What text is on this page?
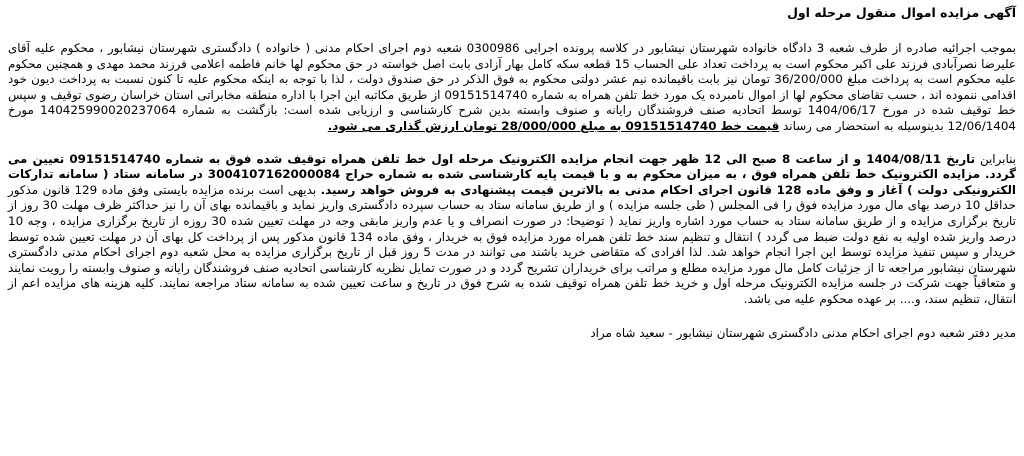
آگهی مزایده اموال منقول مرحله اول

بموجب اجرائیه صادره از طرف شعبه 3 دادگاه خانواده شهرستان نیشابور در کلاسه پرونده اجرایی 0300986 شعبه دوم اجرای احکام مدنی ( خانواده ) دادگستری شهرستان نیشابور ، محکوم علیه آقای علیرضا نصرآبادی فرزند علی اکبر محکوم است به پرداخت تعداد علی الحساب 15 قطعه سکه کامل بهار آزادی بابت اصل خواسته در حق محکوم لها خانم فاطمه اعلامی فرزند محمد مهدی و همچنین محکوم علیه محکوم است به پرداخت مبلغ 36/200/000 تومان نیز بابت باقیمانده نیم عشر دولتی محکوم به فوق الذکر در حق صندوق دولت ، لذا با توجه به اینکه محکوم علیه تا کنون نسبت به پرداخت دیون خود اقدامی ننموده اند ، حسب تقاضای محکوم لها از اموال نامبرده یک مورد خط تلفن همراه به شماره 09151514740 از طریق مکاتبه این اجرا با اداره منطقه مخابراتی استان خراسان رضوی توقیف و سپس خط توقیف شده در مورخ 1404/06/17 توسط اتحادیه صنف فروشندگان رایانه و صنوف وابسته بدین شرح کارشناسی و ارزیابی شده است: بازگشت به شماره 140425990020237064 مورخ 12/06/1404 بدینوسیله به استحضار می رساند قیمت خط 09151514740 به مبلغ 28/000/000 تومان ارزش گذاری می شود.

بنابراین تاریخ 1404/08/11 و از ساعت 8 صبح الی 12 ظهر جهت انجام مزایده الکترونیک مرحله اول خط تلفن همراه توقیف شده فوق به شماره 09151514740 تعیین می گردد. مزایده الکترونیک خط تلفن همراه فوق ، به میزان محکوم به و با قیمت پایه کارشناسی شده به شماره حراج 3004107162000084 در سامانه ستاد ( سامانه تدارکات الکترونیکی دولت ) آغاز و وفق ماده 128 قانون اجرای احکام مدنی به بالاترین قیمت پیشنهادی به فروش خواهد رسید. بدیهی است برنده مزایده بایستی وفق ماده 129 قانون مذکور حداقل 10 درصد بهای مال مورد مزایده فوق را فی المجلس ( طی جلسه مزایده ) و از طریق سامانه ستاد به حساب سپرده دادگستری واریز نماید و باقیمانده بهای آن را نیز حداکثر ظرف مهلت 30 روز از تاریخ برگزاری مزایده و از طریق سامانه ستاد به حساب مورد اشاره واریز نماید ( توضیحا: در صورت انصراف و یا عدم واریز مابقی وجه در مهلت تعیین شده 30 روزه از تاریخ برگزاری مزایده ، وجه 10 درصد واریز شده اولیه به نفع دولت ضبط می گردد ) انتقال و تنظیم سند خط تلفن همراه مورد مزایده فوق به خریدار ، وفق ماده 134 قانون مذکور پس از پرداخت کل بهای آن در مهلت تعیین شده توسط خریدار و سپس تنفیذ مزایده توسط این اجرا انجام خواهد شد. لذا افرادی که متقاضی خرید باشند می توانند در مدت 5 روز قبل از تاریخ برگزاری مزایده به محل شعبه دوم اجرای احکام مدنی دادگستری شهرستان نیشابور مراجعه تا از جزئیات کامل مال مورد مزایده مطلع و مراتب برای خریداران تشریح گردد و در صورت تمایل نظریه کارشناسی اتحادیه صنف فروشندگان رایانه و صنوف وابسته را رویت نمایند و متعاقباً جهت شرکت در جلسه مزایده الکترونیک مرحله اول و خرید خط تلفن همراه توقیف شده به شرح فوق در تاریخ و ساعت تعیین شده به سامانه ستاد مراجعه نمایند. کلیه هزینه های مزایده اعم از انتقال، تنظیم سند، و.... بر عهده محکوم علیه می باشد.

مدیر دفتر شعبه دوم اجرای احکام مدنی دادگستری شهرستان نیشابور - سعید شاه مراد
